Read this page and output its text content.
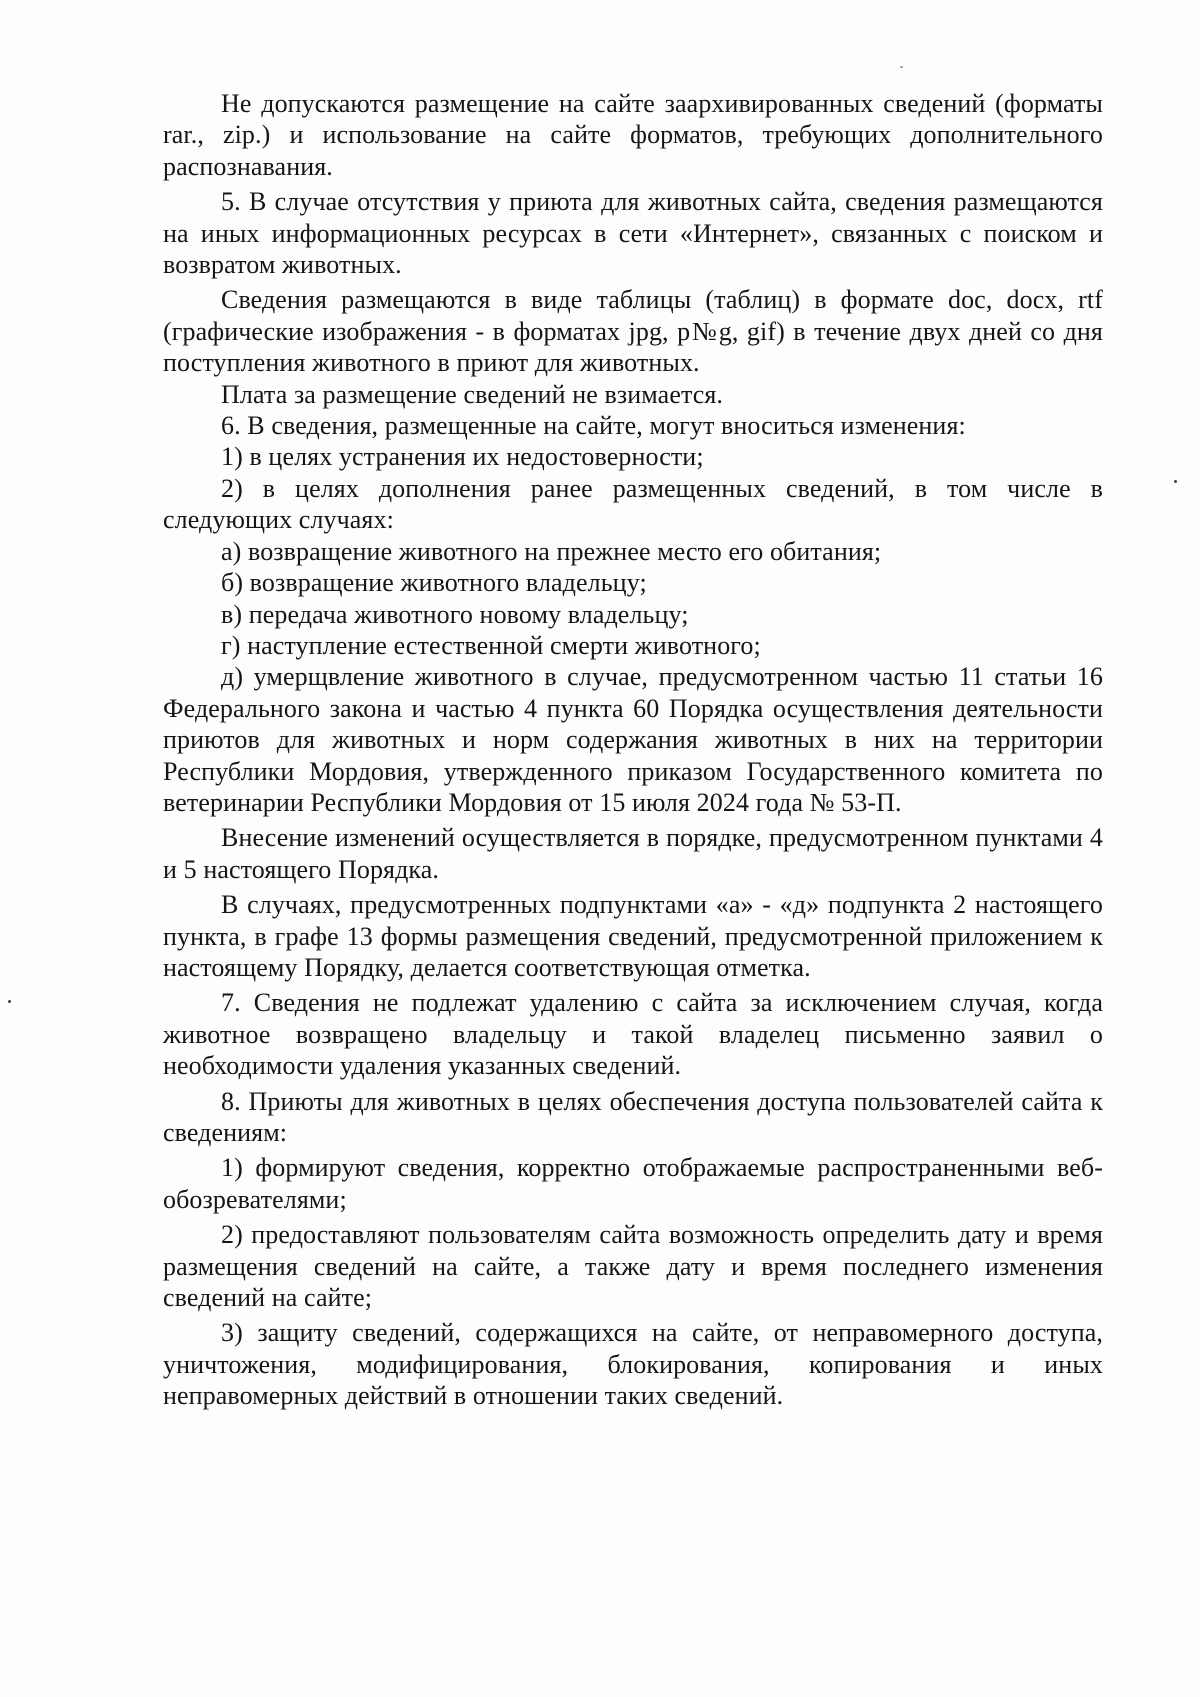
Не допускаются размещение на сайте заархивированных сведений (форматы rar., zip.) и использование на сайте форматов, требующих дополнительного распознавания.

5. В случае отсутствия у приюта для животных сайта, сведения размещаются на иных информационных ресурсах в сети «Интернет», связанных с поиском и возвратом животных.

Сведения размещаются в виде таблицы (таблиц) в формате doc, docx, rtf (графические изображения - в форматах jpg, p№g, gif) в течение двух дней со дня поступления животного в приют для животных.

Плата за размещение сведений не взимается.

6. В сведения, размещенные на сайте, могут вноситься изменения:

1) в целях устранения их недостоверности;

2) в целях дополнения ранее размещенных сведений, в том числе в следующих случаях:

а) возвращение животного на прежнее место его обитания;

б) возвращение животного владельцу;

в) передача животного новому владельцу;

г) наступление естественной смерти животного;

д) умерщвление животного в случае, предусмотренном частью 11 статьи 16 Федерального закона и частью 4 пункта 60 Порядка осуществления деятельности приютов для животных и норм содержания животных в них на территории Республики Мордовия, утвержденного приказом Государственного комитета по ветеринарии Республики Мордовия от 15 июля 2024 года № 53-П.

Внесение изменений осуществляется в порядке, предусмотренном пунктами 4 и 5 настоящего Порядка.

В случаях, предусмотренных подпунктами «а» - «д» подпункта 2 настоящего пункта, в графе 13 формы размещения сведений, предусмотренной приложением к настоящему Порядку, делается соответствующая отметка.

7. Сведения не подлежат удалению с сайта за исключением случая, когда животное возвращено владельцу и такой владелец письменно заявил о необходимости удаления указанных сведений.

8. Приюты для животных в целях обеспечения доступа пользователей сайта к сведениям:

1) формируют сведения, корректно отображаемые распространенными веб-обозревателями;

2) предоставляют пользователям сайта возможность определить дату и время размещения сведений на сайте, а также дату и время последнего изменения сведений на сайте;

3) защиту сведений, содержащихся на сайте, от неправомерного доступа, уничтожения, модифицирования, блокирования, копирования и иных неправомерных действий в отношении таких сведений.
